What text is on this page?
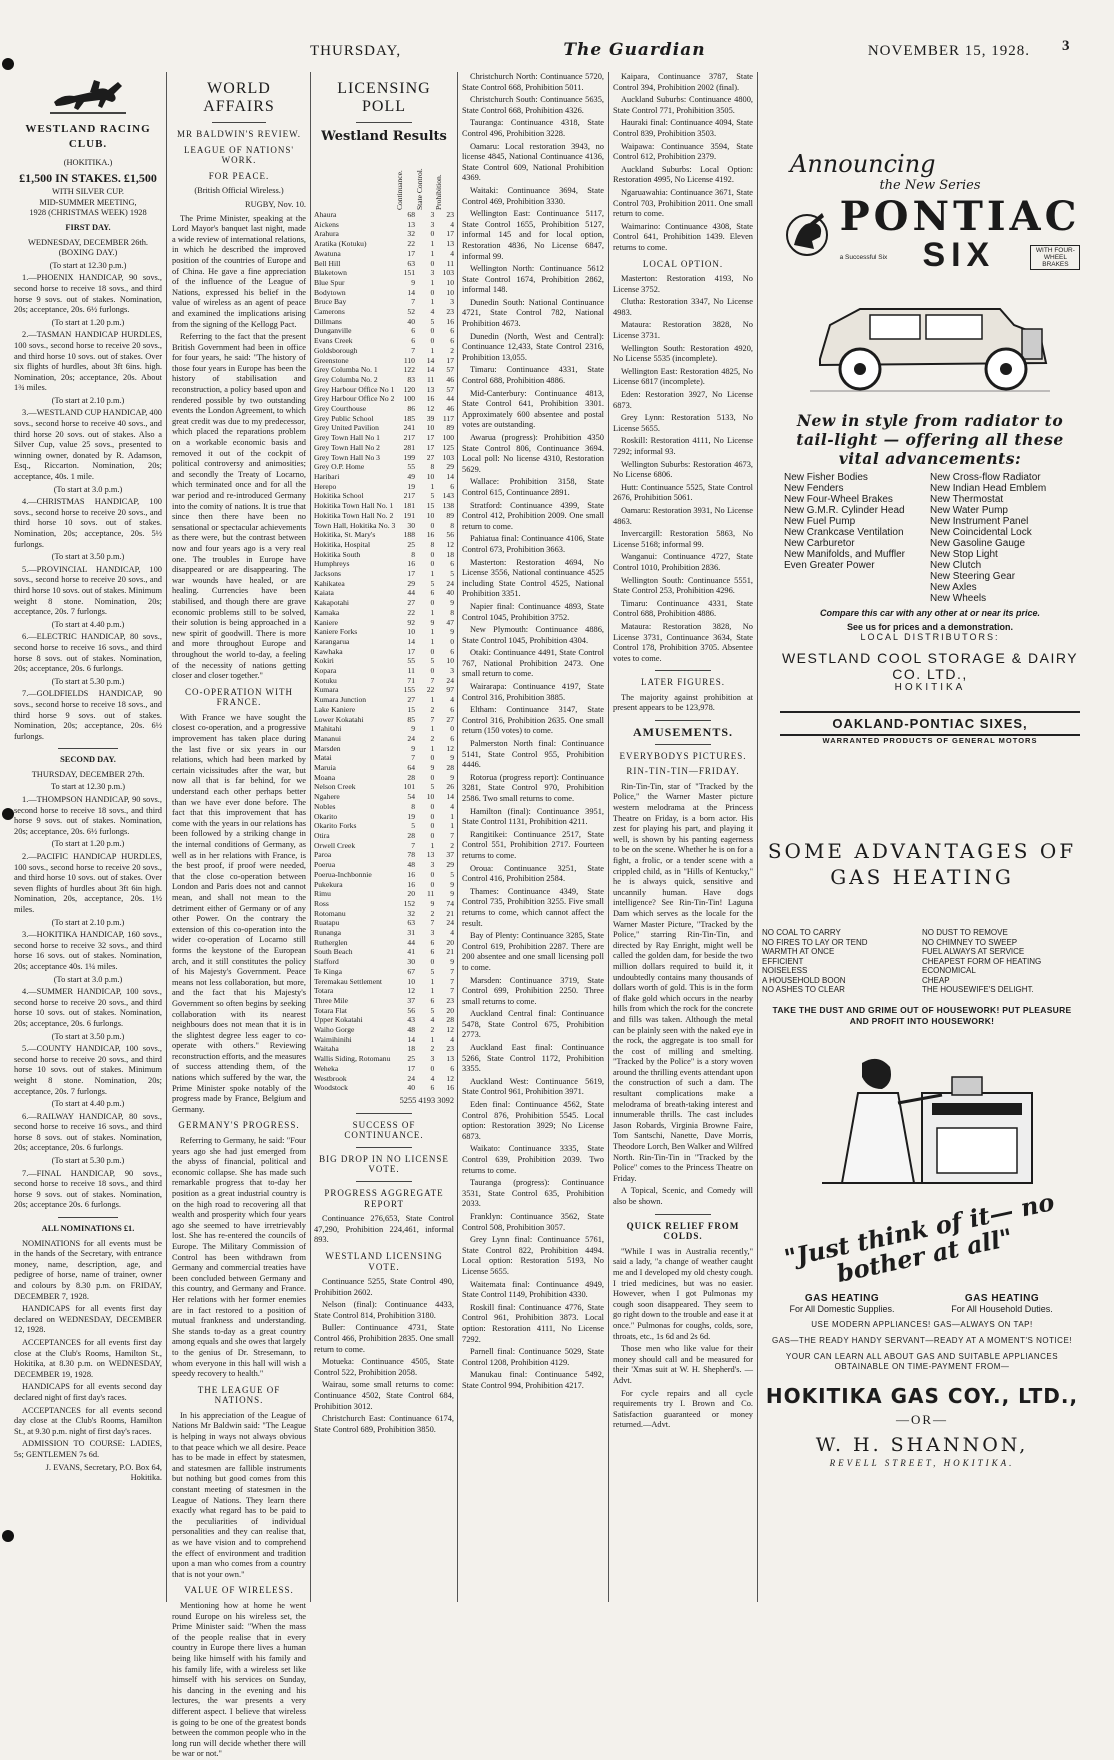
THURSDAY,	The Guardian	NOVEMBER 15, 1928. 3
WESTLAND RACING CLUB.
(HOKITIKA.)
£1,500 IN STAKES. £1,500
WITH SILVER CUP.
MID-SUMMER MEETING,
1928 (CHRISTMAS WEEK) 1928
FIRST DAY.
WEDNESDAY, DECEMBER 26th. (BOXING DAY.)
(To start at 12.30 p.m.)

1.—PHOENIX HANDICAP, 90 sovs., second horse to receive 18 sovs., and third horse 9 sovs. out of stakes. Nomination, 20s; acceptance, 20s. 6½ furlongs.

(To start at 1.20 p.m.)

2.—TASMAN HANDICAP HURDLES, 100 sovs., second horse to receive 20 sovs., and third horse 10 sovs. out of stakes. Over six flights of hurdles, about 3ft 6ins. high. Nomination, 20s; acceptance, 20s. About 1¾ miles.

(To start at 2.10 p.m.)

3.—WESTLAND CUP HANDICAP, 400 sovs., second horse to receive 40 sovs., and third horse 20 sovs. out of stakes. Also a Silver Cup, value 25 sovs., presented to winning owner, donated by R. Adamson, Esq., Riccarton. Nomination, 20s; acceptance, 40s. 1 mile.

(To start at 3.0 p.m.)

4.—CHRISTMAS HANDICAP, 100 sovs., second horse to receive 20 sovs., and third horse 10 sovs. out of stakes. Nomination, 20s; acceptance, 20s. 5½ furlongs.

(To start at 3.50 p.m.)

5.—PROVINCIAL HANDICAP, 100 sovs., second horse to receive 20 sovs., and third horse 10 sovs. out of stakes. Minimum weight 8 stone. Nomination, 20s; acceptance, 20s. 7 furlongs.

(To start at 4.40 p.m.)

6.—ELECTRIC HANDICAP, 80 sovs., second horse to receive 16 sovs., and third horse 8 sovs. out of stakes. Nomination, 20s; acceptance, 20s. 6 furlongs.

(To start at 5.30 p.m.)

7.—GOLDFIELDS HANDICAP, 90 sovs., second horse to receive 18 sovs., and third horse 9 sovs. out of stakes. Nomination, 20s; acceptance, 20s. 6½ furlongs.

SECOND DAY.
THURSDAY, DECEMBER 27th.
To start at 12.30 p.m.)

1.—THOMPSON HANDICAP, 90 sovs., second horse to receive 18 sovs., and third horse 9 sovs. out of stakes. Nomination, 20s; acceptance, 20s. 6½ furlongs.

(To start at 1.20 p.m.)

2.—PACIFIC HANDICAP HURDLES, 100 sovs., second horse to receive 20 sovs., and third horse 10 sovs. out of stakes. Over seven flights of hurdles about 3ft 6in high. Nomination, 20s, acceptance, 20s. 1½ miles.

(To start at 2.10 p.m.)

3.—HOKITIKA HANDICAP, 160 sovs., second horse to receive 32 sovs., and third horse 16 sovs. out of stakes. Nomination, 20s; acceptance 40s. 1¼ miles.

(To start at 3.0 p.m.)

4.—SUMMER HANDICAP, 100 sovs., second horse to receive 20 sovs., and third horse 10 sovs. out of stakes. Nomination, 20s; acceptance, 20s. 6 furlongs.

(To start at 3.50 p.m.)

5.—COUNTY HANDICAP, 100 sovs., second horse to receive 20 sovs., and third horse 10 sovs. out of stakes. Minimum weight 8 stone. Nomination, 20s; acceptance, 20s. 7 furlongs.

(To start at 4.40 p.m.)

6.—RAILWAY HANDICAP, 80 sovs., second horse to receive 16 sovs., and third horse 8 sovs. out of stakes. Nomination, 20s; acceptance, 20s. 6 furlongs.

(To start at 5.30 p.m.)

7.—FINAL HANDICAP, 90 sovs., second horse to receive 18 sovs., and third horse 9 sovs. out of stakes. Nomination, 20s; acceptance 20s. 6 furlongs.

ALL NOMINATIONS £1.

NOMINATIONS for all events must be in the hands of the Secretary, with entrance money, name, description, age, and pedigree of horse, name of trainer, owner and colours by 8.30 p.m. on FRIDAY, DECEMBER 7, 1928.

HANDICAPS for all events first day declared on WEDNESDAY, DECEMBER 12, 1928.

ACCEPTANCES for all events first day close at the Club's Rooms, Hamilton St., Hokitika, at 8.30 p.m. on WEDNESDAY, DECEMBER 19, 1928.

HANDICAPS for all events second day declared night of first day's races.

ACCEPTANCES for all events second day close at the Club's Rooms, Hamilton St., at 9.30 p.m. night of first day's races.

ADMISSION TO COURSE: LADIES, 5s; GENTLEMEN 7s 6d.

J. EVANS, Secretary, P.O. Box 64, Hokitika.
WORLD AFFAIRS
MR BALDWIN'S REVIEW.
LEAGUE OF NATIONS' WORK.
FOR PEACE.
(British Official Wireless.)
RUGBY, Nov. 10.

The Prime Minister, speaking at the Lord Mayor's banquet last night, made a wide review of international relations, in which he described the improved position of the countries of Europe and of China. He gave a fine appreciation of the influence of the League of Nations, expressed his belief in the value of wireless as an agent of peace and examined the implications arising from the signing of the Kellogg Pact.

Referring to the fact that the present British Government had been in office for four years, he said: "The history of those four years in Europe has been the history of stabilisation and reconstruction, a policy based upon and rendered possible by two outstanding events the London Agreement, to which great credit was due to my predecessor, which placed the reparations problem on a workable economic basis and removed it out of the cockpit of political controversy and animosities; and secondly the Treaty of Locarno, which terminated once and for all the war period and re-introduced Germany into the comity of nations. It is true that since then there have been no sensational or spectacular achievements as there were, but the contrast between now and four years ago is a very real one. The troubles in Europe have disappeared or are disappearing. The war wounds have healed, or are healing. Currencies have been stabilised, and though there are grave economic problems still to be solved, their solution is being approached in a new spirit of goodwill. There is more and more throughout Europe and throughout the world to-day, a feeling of the necessity of nations getting closer and closer together."

CO-OPERATION WITH FRANCE.

With France we have sought the closest co-operation, and a progressive improvement has taken place during the last five or six years in our relations, which had been marked by certain vicissitudes after the war, but now all that is far behind, for we understand each other perhaps better than we have ever done before. The fact that this improvement that has come with the years in our relations has been followed by a striking change in the internal conditions of Germany, as well as in her relations with France, is the best proof, if proof were needed, that the close co-operation between London and Paris does not and cannot mean, and shall not mean to the detriment either of Germany or of any other Power. On the contrary the extension of this co-operation into the wider co-operation of Locarno still forms the keystone of the European arch, and it still constitutes the policy of his Majesty's Government. Peace means not less collaboration, but more, and the fact that his Majesty's Government so often begins by seeking collaboration with its nearest neighbours does not mean that it is in the slightest degree less eager to co-operate with others." Reviewing reconstruction efforts, and the measures of success attending them, of the nations which suffered by the war, the Prime Minister spoke notably of the progress made by France, Belgium and Germany.

GERMANY'S PROGRESS.

Referring to Germany, he said: "Four years ago she had just emerged from the abyss of financial, political and economic collapse. She has made such remarkable progress that to-day her position as a great industrial country is on the high road to recovering all that wealth and prosperity which four years ago she seemed to have irretrievably lost. She has re-entered the councils of Europe. The Military Commission of Control has been withdrawn from Germany and commercial treaties have been concluded between Germany and this country, and Germany and France. Her relations with her former enemies are in fact restored to a position of mutual frankness and understanding. She stands to-day as a great country among equals and she owes that largely to the genius of Dr. Stresemann, to whom everyone in this hall will wish a speedy recovery to health."

THE LEAGUE OF NATIONS.

In his appreciation of the League of Nations Mr Baldwin said: "The League is helping in ways not always obvious to that peace which we all desire. Peace has to be made in effect by statesmen, and statesmen are fallible instruments but nothing but good comes from this constant meeting of statesmen in the League of Nations. They learn there exactly what regard has to be paid to the peculiarities of individual personalities and they can realise that, as we have vision and to comprehend the effect of environment and tradition upon a man who comes from a country that is not your own."

VALUE OF WIRELESS.

Mentioning how at home he went round Europe on his wireless set, the Prime Minister said: "When the mass of the people realise that in every country in Europe there lives a human being like himself with his family and his family life, with a wireless set like himself with his services on Sunday, his dancing in the evening and his lectures, the war presents a very different aspect. I believe that wireless is going to be one of the greatest bonds between the common people who in the long run will decide whether there will be war or not."

LICENSING POLL
Westland Results

	Continuance.	State Control.	Prohibition.

Ahaura	68	3	23
Aickens	13	3	4
Arahura	32	0	17
Aratika (Kotuku)	22	1	13
Awatuna	17	1	4
Bell Hill	63	0	11
Blaketown	151	3	103
Blue Spur	9	1	10
Bodytown	14	0	10
Bruce Bay	7	1	3
Camerons	52	4	23
Dillmans	40	5	16
Dunganville	6	0	6
Evans Creek	6	0	6
Goldsborough	7	1	2
Greenstone	110	14	17
Grey Columba No. 1	122	14	57
Grey Columba No. 2	83	11	46
Grey Harbour Office No 1	120	13	57
Grey Harbour Office No 2	100	16	44
Grey Courthouse	86	12	46
Grey Public School	185	39	117
Grey United Pavilion	241	10	89
Grey Town Hall No 1	217	17	100
Grey Town Hall No 2	281	17	125
Grey Town Hall No 3	199	27	103
Grey O.P. Home	55	8	29
Haribari	49	10	14
Herepo	19	1	6
Hokitika School	217	5	143
Hokitika Town Hall No. 1	181	15	138
Hokitika Town Hall No. 2	191	10	89
Town Hall, Hokitika No. 3	30	0	8
Hokitika, St. Mary's	188	16	56
Hokitika, Hospital	25	8	12
Hokitika South	8	0	18
Humphreys	16	0	6
Jacksons	17	1	5
Kahikatea	29	5	24
Kaiata	44	6	40
Kakapotahi	27	0	9
Kamaka	22	1	8
Kaniere	92	9	47
Kaniere Forks	10	1	9
Karangarua	14	1	0
Kawhaka	17	0	6
Kokiri	55	5	10
Kopara	11	0	3
Kotuku	71	7	24
Kumara	155	22	97
Kumara Junction	27	1	4
Lake Kaniere	15	2	6
Lower Kokatahi	85	7	27
Mahitahi	9	1	0
Mananui	24	2	6
Marsden	9	1	12
Matai	7	0	9
Maruia	64	9	28
Moana	28	0	9
Nelson Creek	101	5	26
Ngahere	54	10	14
Nobles	8	0	4
Okarito	19	0	1
Okarito Forks	5	0	1
Otira	28	0	7
Orwell Creek	7	1	2
Paroa	78	13	37
Poerua	48	3	29
Poerua-Inchbonnie	16	0	5
Pukekura	16	0	9
Rimu	20	11	9
Ross	152	9	74
Rotomanu	32	2	21
Ruatapu	63	7	24
Runanga	31	3	4
Rutherglen	44	6	20
South Beach	41	6	21
Stafford	30	0	9
Te Kinga	67	5	7
Teremakau Settlement	10	1	7
Totara	12	1	7
Three Mile	37	6	23
Totara Flat	56	5	20
Upper Kokatahi	43	4	28
Waiho Gorge	48	2	12
Waimihinihi	14	1	4
Waitaha	18	2	23
Wallis Siding, Rotomanu	25	3	13
Weheka	17	0	6
Westbrook	24	4	12
Woodstock	40	6	16
5255 4193 3092
SUCCESS OF CONTINUANCE.
BIG DROP IN NO LICENSE VOTE.
PROGRESS AGGREGATE REPORT

Continuance 276,653, State Control 47,290, Prohibition 224,461, informal 893.

WESTLAND LICENSING VOTE.

Continuance 5255, State Control 490, Prohibition 2602.

Nelson (final): Continuance 4433, State Control 814, Prohibition 3180.

Buller: Continuance 4731, State Control 466, Prohibition 2835. One small return to come.

Motueka: Continuance 4505, State Control 522, Prohibition 2058.

Wairau, some small returns to come: Continuance 4502, State Control 684, Prohibition 3012.

Christchurch East: Continuance 6174, State Control 689, Prohibition 3850.

Christchurch North: Continuance 5720, State Control 668, Prohibition 5011.

Christchurch South: Continuance 5635, State Control 668, Prohibition 4326.

Tauranga: Continuance 4318, State Control 496, Prohibition 3228.

Oamaru: Local restoration 3943, no license 4845, National Continuance 4136, State Control 609, National Prohibition 4369.

Waitaki: Continuance 3694, State Control 469, Prohibition 3330.

Wellington East: Continuance 5117, State Control 1655, Prohibition 5127, informal 145 and for local option, Restoration 4836, No License 6847, informal 99.

Wellington North: Continuance 5612 State Control 1674, Prohibition 2862, informal 148.

Dunedin South: National Continuance 4721, State Control 782, National Prohibition 4673.

Dunedin (North, West and Central): Continuance 12,433, State Control 2316, Prohibition 13,055.

Timaru: Continuance 4331, State Control 688, Prohibition 4886.

Mid-Canterbury: Continuance 4813, State Control 641, Prohibition 3301. Approximately 600 absentee and postal votes are outstanding.

Awarua (progress): Prohibition 4350 State Control 806, Continuance 3694. Local poll: No license 4310, Restoration 5629.

Wallace: Prohibition 3158, State Control 615, Continuance 2891.

Stratford: Continuance 4399, State Control 412, Prohibition 2009. One small return to come.

Pahiatua final: Continuance 4106, State Control 673, Prohibition 3663.

Masterton: Restoration 4694, No License 3556, National continuance 4525 including State Control 4525, National Prohibition 3351.

Napier final: Continuance 4893, State Control 1045, Prohibition 3752.

New Plymouth: Continuance 4886, State Control 1045, Prohibition 4304.

Otaki: Continuance 4491, State Control 767, National Prohibition 2473. One small return to come.

Wairarapa: Continuance 4197, State Control 316, Prohibition 3885.

Eltham: Continuance 3147, State Control 316, Prohibition 2635. One small return (150 votes) to come.

Palmerston North final: Continuance 5141, State Control 955, Prohibition 4446.

Rotorua (progress report): Continuance 3281, State Control 970, Prohibition 2586. Two small returns to come.

Hamilton (final): Continuance 3951, State Control 1131, Prohibition 4211.

Rangitikei: Continuance 2517, State Control 551, Prohibition 2717. Fourteen returns to come.

Oroua: Continuance 3251, State Control 416, Prohibition 2584.

Thames: Continuance 4349, State Control 735, Prohibition 3255. Five small returns to come, which cannot affect the result.

Bay of Plenty: Continuance 3285, State Control 619, Prohibition 2287. There are 200 absentee and one small licensing poll to come.

Marsden: Continuance 3719, State Control 699, Prohibition 2250. Three small returns to come.

Auckland Central final: Continuance 5478, State Control 675, Prohibition 2773.

Auckland East final: Continuance 5266, State Control 1172, Prohibition 3355.

Auckland West: Continuance 5619, State Control 961, Prohibition 3971.

Eden final: Continuance 4562, State Control 876, Prohibition 5545. Local option: Restoration 3929; No License 6873.

Waikato: Continuance 3335, State Control 639, Prohibition 2039. Two returns to come.

Tauranga (progress): Continuance 3531, State Control 635, Prohibition 2033.

Franklyn: Continuance 3562, State Control 508, Prohibition 3057.

Grey Lynn final: Continuance 5761, State Control 822, Prohibition 4494. Local option: Restoration 5193, No License 5655.

Waitemata final: Continuance 4949, State Control 1149, Prohibition 4330.

Roskill final: Continuance 4776, State Control 961, Prohibition 3873. Local option: Restoration 4111, No License 7292.

Parnell final: Continuance 5029, State Control 1208, Prohibition 4129.

Manukau final: Continuance 5492, State Control 994, Prohibition 4217.

Kaipara, Continuance 3787, State Control 394, Prohibition 2002 (final).

Auckland Suburbs: Continuance 4800, State Control 771, Prohibition 3505.

Hauraki final: Continuance 4094, State Control 839, Prohibition 3503.

Waipawa: Continuance 3594, State Control 612, Prohibition 2379.

Auckland Suburbs: Local Option: Restoration 4995, No License 4192.

Ngaruawahia: Continuance 3671, State Control 703, Prohibition 2011. One small return to come.

Waimarino: Continuance 4308, State Control 641, Prohibition 1439. Eleven returns to come.

LOCAL OPTION.

Masterton: Restoration 4193, No License 3752.

Clutha: Restoration 3347, No License 4983.

Mataura: Restoration 3828, No License 3731.

Wellington South: Restoration 4920, No License 5535 (incomplete).

Wellington East: Restoration 4825, No License 6817 (incomplete).

Eden: Restoration 3927, No License 6873.

Grey Lynn: Restoration 5133, No License 5655.

Roskill: Restoration 4111, No License 7292; informal 93.

Wellington Suburbs: Restoration 4673, No License 6806.

Hutt: Continuance 5525, State Control 2676, Prohibition 5061.

Oamaru: Restoration 3931, No License 4863.

Invercargill: Restoration 5863, No License 5168; informal 99.

Wanganui: Continuance 4727, State Control 1010, Prohibition 2836.

Wellington South: Continuance 5551, State Control 253, Prohibition 4296.

Timaru: Continuance 4331, State Control 688, Prohibition 4886.

Mataura: Restoration 3828, No License 3731, Continuance 3634, State Control 178, Prohibition 3705. Absentee votes to come.

LATER FIGURES.

The majority against prohibition at present appears to be 123,978.

AMUSEMENTS.
EVERYBODYS PICTURES.
RIN-TIN-TIN—FRIDAY.

Rin-Tin-Tin, star of "Tracked by the Police," the Warner Master picture western melodrama at the Princess Theatre on Friday, is a born actor. His zest for playing his part, and playing it well, is shown by his panting eagerness to be on the scene. Whether he is on for a fight, a frolic, or a tender scene with a crippled child, as in "Hills of Kentucky," he is always quick, sensitive and uncannily human. Have dogs intelligence? See Rin-Tin-Tin! Laguna Dam which serves as the locale for the Warner Master Picture, "Tracked by the Police," starring Rin-Tin-Tin, and directed by Ray Enright, might well be called the golden dam, for beside the two million dollars required to build it, it undoubtedly contains many thousands of dollars worth of gold. This is in the form of flake gold which occurs in the nearby hills from which the rock for the concrete and fills was taken. Although the metal can be plainly seen with the naked eye in the rock, the aggregate is too small for the cost of milling and smelting. "Tracked by the Police" is a story woven around the thrilling events attendant upon the construction of such a dam. The resultant complications make a melodrama of breath-taking interest and innumerable thrills. The cast includes Jason Robards, Virginia Browne Faire, Tom Santschi, Nanette, Dave Morris, Theodore Lorch, Ben Walker and Wilfred North. Rin-Tin-Tin in "Tracked by the Police" comes to the Princess Theatre on Friday.

A Topical, Scenic, and Comedy will also be shown.

QUICK RELIEF FROM COLDS.

"While I was in Australia recently," said a lady, "a change of weather caught me and I developed my old chesty cough. I tried medicines, but was no easier. However, when I got Pulmonas my cough soon disappeared. They seem to go right down to the trouble and ease it at once." Pulmonas for coughs, colds, sore, throats, etc., 1s 6d and 2s 6d.

Those men who like value for their money should call and be measured for their 'Xmas suit at W. H. Shepherd's. —Advt.

For cycle repairs and all cycle requirements try I. Brown and Co. Satisfaction guaranteed or money returned.—Advt.

Announcing
the New Series
PONTIAC
a Successful Six SIX	WITH FOUR-WHEEL BRAKES
New in style from radiator to tail-light — offering all these vital advancements:
New Fisher Bodies	New Cross-flow Radiator
New Fenders	New Indian Head Emblem
New Four-Wheel Brakes	New Thermostat
New G.M.R. Cylinder Head	New Water Pump
New Fuel Pump	New Instrument Panel
New Crankcase Ventilation	New Coincidental Lock
New Carburetor	New Gasoline Gauge
New Manifolds, and Muffler	New Stop Light
Even Greater Power	New Clutch
New Steering Gear
New Axles
New Wheels
Compare this car with any other at or near its price.
See us for prices and a demonstration.
LOCAL DISTRIBUTORS:
WESTLAND COOL STORAGE & DAIRY CO. LTD.,
HOKITIKA
OAKLAND-PONTIAC SIXES,
WARRANTED PRODUCTS OF GENERAL MOTORS
SOME ADVANTAGES OF GAS HEATING
NO COAL TO CARRY
NO FIRES TO LAY OR TEND
WARMTH AT ONCE
EFFICIENT
NOISELESS
A HOUSEHOLD BOON
NO ASHES TO CLEAR
NO DUST TO REMOVE
NO CHIMNEY TO SWEEP
FUEL ALWAYS AT SERVICE
CHEAPEST FORM OF HEATING
ECONOMICAL
CHEAP
THE HOUSEWIFE'S DELIGHT.
TAKE THE DUST AND GRIME OUT OF HOUSEWORK! PUT PLEASURE AND PROFIT INTO HOUSEWORK!
"Just think of it— no bother at all"
GAS HEATING
For All Domestic Supplies.
GAS HEATING
For All Household Duties.
USE MODERN APPLIANCES! GAS—ALWAYS ON TAP!
GAS—THE READY HANDY SERVANT—READY AT A MOMENT'S NOTICE!
YOUR CAN LEARN ALL ABOUT GAS AND SUITABLE APPLIANCES OBTAINABLE ON TIME-PAYMENT FROM—
HOKITIKA GAS COY., LTD.,
—OR—
W. H. SHANNON,
REVELL STREET, HOKITIKA.
